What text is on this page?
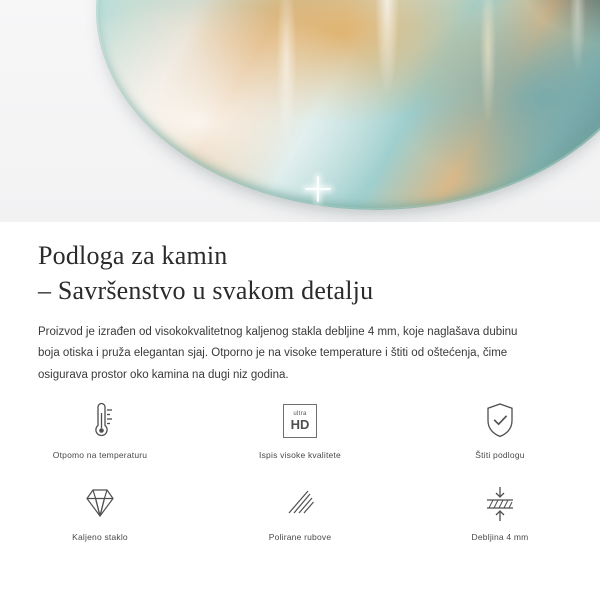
Podloga za kamin
– Savršenstvo u svakom detalju

Proizvod je izrađen od visokokvalitetnog kaljenog stakla debljine 4 mm, koje naglašava dubinu boja otiska i pruža elegantan sjaj. Otporno je na visoke temperature i štiti od oštećenja, čime osigurava prostor oko kamina na dugi niz godina.

Otpomo na temperaturu
ultra
HD
Ispis visoke kvalitete	Štiti podlogu
Kaljeno staklo	Polirane rubove	Debljina 4 mm
